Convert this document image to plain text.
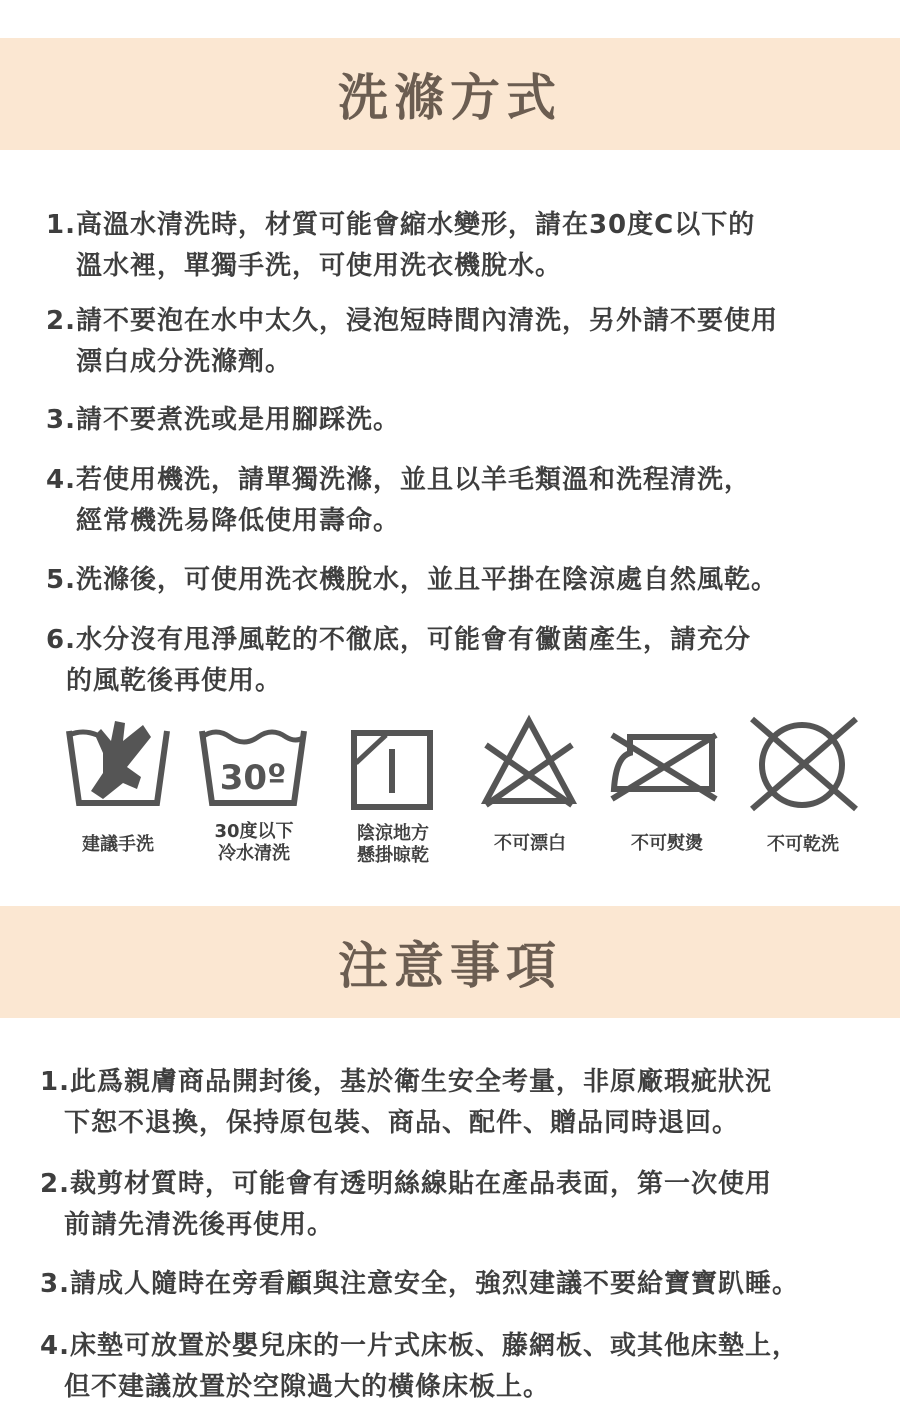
洗滌方式
1.高溫水清洗時，材質可能會縮水變形，請在30度C以下的
溫水裡，單獨手洗，可使用洗衣機脫水。
2.請不要泡在水中太久，浸泡短時間內清洗，另外請不要使用
漂白成分洗滌劑。
3.請不要煮洗或是用腳踩洗。
4.若使用機洗，請單獨洗滌，並且以羊毛類溫和洗程清洗，
經常機洗易降低使用壽命。
5.洗滌後，可使用洗衣機脫水，並且平掛在陰涼處自然風乾。
6.水分沒有甩淨風乾的不徹底，可能會有黴菌產生，請充分
的風乾後再使用。
30º
建議手洗
30度以下
冷水清洗
陰涼地方
懸掛晾乾
不可漂白	不可熨燙	不可乾洗
注意事項
1.此爲親膚商品開封後，基於衛生安全考量，非原廠瑕疵狀況
下恕不退換，保持原包裝、商品、配件、贈品同時退回。
2.裁剪材質時，可能會有透明絲線貼在產品表面，第一次使用
前請先清洗後再使用。
3.請成人隨時在旁看顧與注意安全，強烈建議不要給寶寶趴睡。
4.床墊可放置於嬰兒床的一片式床板、藤網板、或其他床墊上，
但不建議放置於空隙過大的橫條床板上。
